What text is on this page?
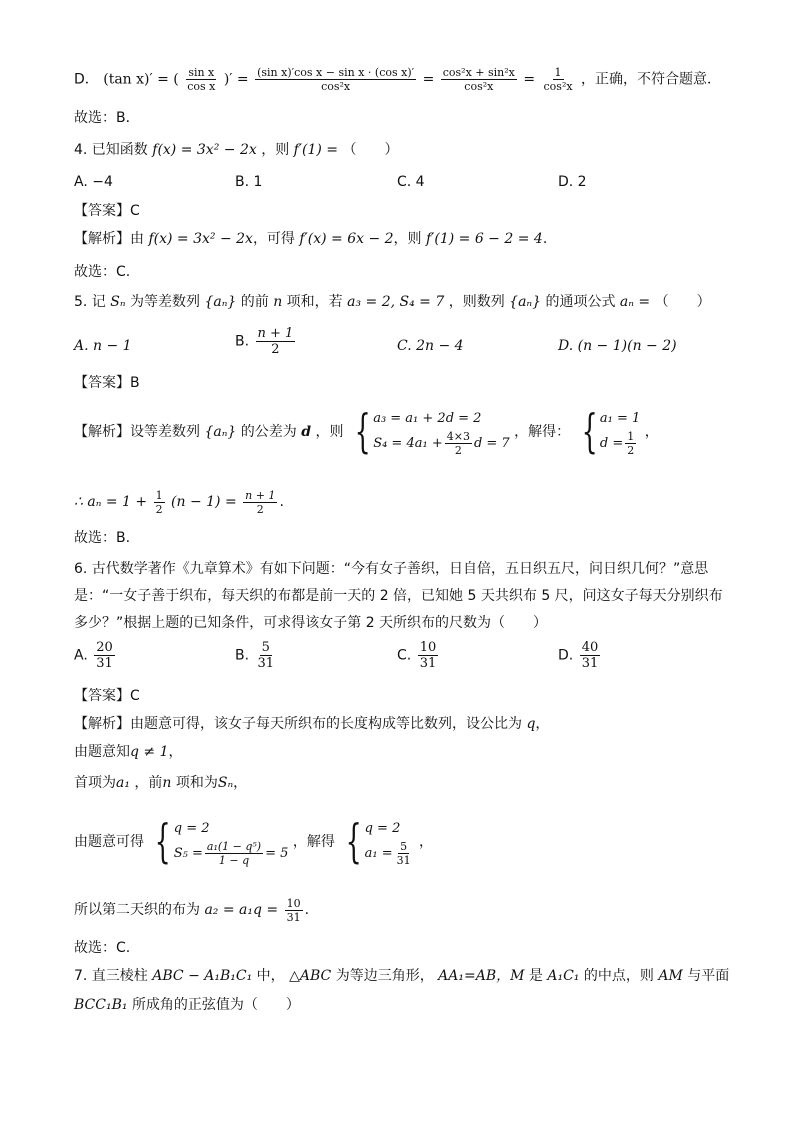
D． (tan x)′ = ( $\frac{\text{sin x}}{\text{cos x}}$ )′ = $\frac{\text{(sin x)′cos x − sin x · (cos x)′}}{\text{cos²x}} = \frac{\text{cos²x + sin²x}}{\text{cos²x}} = \frac{1}{\text{cos²x}}$ ，正确，不符合题意．
故选：B．
4. 已知函数 f(x) = 3x² − 2x ，则 f′(1) = （　　）
A. −4	B. 1	C. 4	D. 2
【答案】C
【解析】由 f(x) = 3x² − 2x，可得 f′(x) = 6x − 2，则 f′(1) = 6 − 2 = 4.
故选：C.
5. 记 Sₙ 为等差数列 {aₙ} 的前 n 项和，若 a₃ = 2, S₄ = 7 ，则数列 {aₙ} 的通项公式 aₙ = （　　）
A. n − 1	B. $\frac{n + 1}{2}$	C. 2n − 4	D. (n − 1)(n − 2)
【答案】B
【解析】设等差数列 {aₙ} 的公差为 d ，则 { a₃ = a₁ + 2d = 2
$S_4 = 4a_1 + \frac{4\times 3}{2}$ d = 7
，解得： { a₁ = 1
$d = \frac{1}{2}$ ，
∴ $a_n = 1 + \frac{1}{2} (n - 1) = \frac{n + 1}{2}$ .
故选：B.
6. 古代数学著作《九章算术》有如下问题：“今有女子善织，日自倍，五日织五尺，问日织几何？”意思
是：“一女子善于织布，每天织的布都是前一天的 2 倍，已知她 5 天共织布 5 尺，问这女子每天分别织布
多少？”根据上题的已知条件，可求得该女子第 2 天所织布的尺数为（　　）
A. $\frac{20}{31}$	B. $\frac{5}{31}$	C. $\frac{10}{31}$	D. $\frac{40}{31}$
【答案】C
【解析】由题意可得，该女子每天所织布的长度构成等比数列，设公比为 q，
由题意知q ≠ 1，
首项为a₁ ，前n 项和为Sₙ，
由题意可得 { q = 2
$S_5 = \frac{\text{a₁(1 − q⁵)}}{1 - q} = 5$
，解得 { q = 2
$a_1 = \frac{5}{31}$ ，
所以第二天织的布为 $a_2 = a_1q = \frac{10}{31}$ .
故选：C.
7. 直三棱柱 ABC − A₁B₁C₁ 中， △ABC 为等边三角形， AA₁=AB，M 是 A₁C₁ 的中点，则 AM 与平面
BCC₁B₁ 所成角的正弦值为（　　）
